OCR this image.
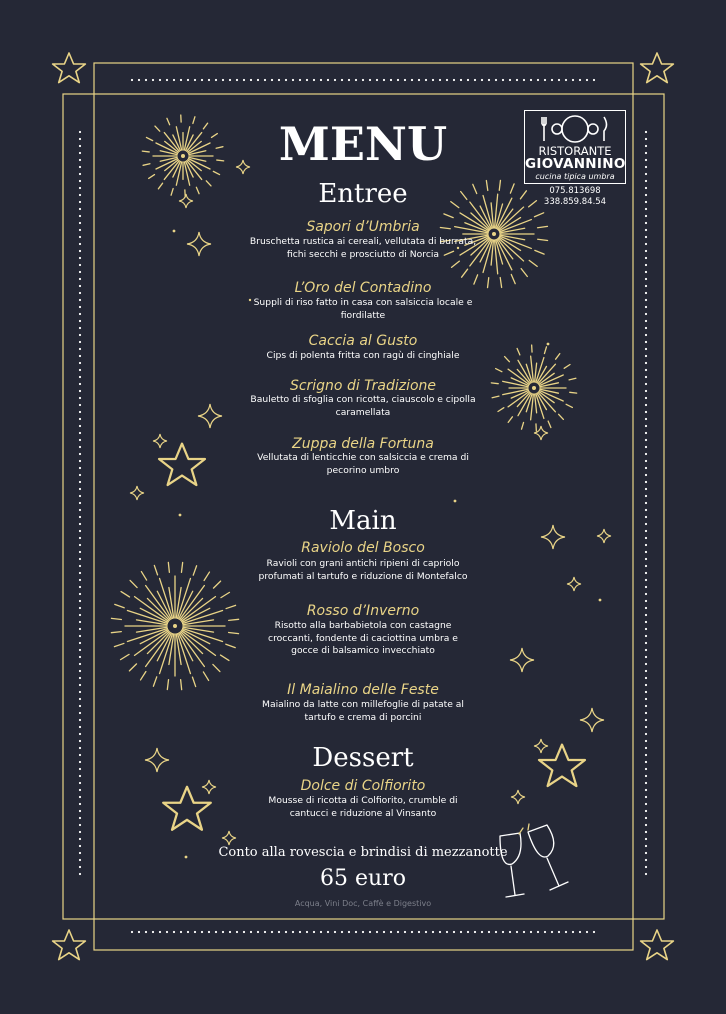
RISTORANTE
GIOVANNINO
cucina tipica umbra
075.813698
338.859.84.54
MENU
Entree
Sapori d’Umbria
Bruschetta rustica ai cereali, vellutata di burrata, fichi secchi e prosciutto di Norcia
L’Oro del Contadino
Suppli di riso fatto in casa con salsiccia locale e fiordilatte
Caccia al Gusto
Cips di polenta fritta con ragù di cinghiale
Scrigno di Tradizione
Bauletto di sfoglia con ricotta, ciauscolo e cipolla caramellata
Zuppa della Fortuna
Vellutata di lenticchie con salsiccia e crema di pecorino umbro
Main
Raviolo del Bosco
Ravioli con grani antichi ripieni di capriolo profumati al tartufo e riduzione di Montefalco
Rosso d’Inverno
Risotto alla barbabietola con castagne croccanti, fondente di caciottina umbra e gocce di balsamico invecchiato
Il Maialino delle Feste
Maialino da latte con millefoglie di patate al tartufo e crema di porcini
Dessert
Dolce di Colfiorito
Mousse di ricotta di Colfiorito, crumble di cantucci e riduzione al Vinsanto
Conto alla rovescia e brindisi di mezzanotte
65 euro
Acqua, Vini Doc, Caffè e Digestivo
